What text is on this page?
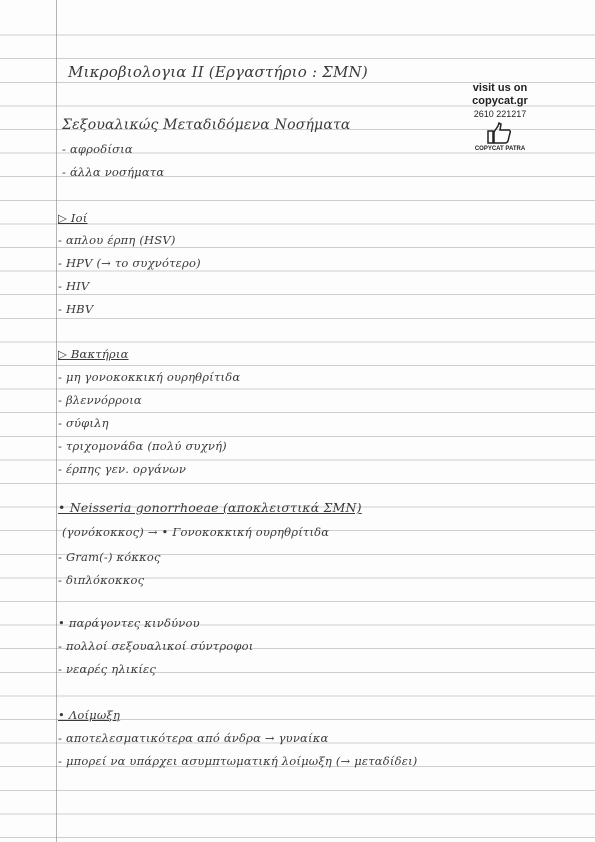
Μικροβιολογια ΙΙ (Εργαστήριο : ΣΜΝ)
visit us on
copycat.gr
2610 221217
COPYCAT PATRA
Σεξουαλικώς Μεταδιδόμενα Νοσήματα
- αφροδίσια
- άλλα νοσήματα
▷ Ιοί
- απλου έρπη (HSV)
- HPV (→ το συχνότερο)
- HIV
- HBV
▷ Βακτήρια
- μη γονοκοκκική ουρηθρίτιδα
- βλεννόρροια
- σύφιλη
- τριχομονάδα (πολύ συχνή)
- έρπης γεν. οργάνων
• Neisseria gonorrhoeae (αποκλειστικά ΣΜΝ)
(γονόκοκκος) → • Γονοκοκκική ουρηθρίτιδα
- Gram(-) κόκκος
- διπλόκοκκος
• παράγοντες κινδύνου
- πολλοί σεξουαλικοί σύντροφοι
- νεαρές ηλικίες
• Λοίμωξη
- αποτελεσματικότερα από άνδρα → γυναίκα
- μπορεί να υπάρχει ασυμπτωματική λοίμωξη (→ μεταδίδει)
